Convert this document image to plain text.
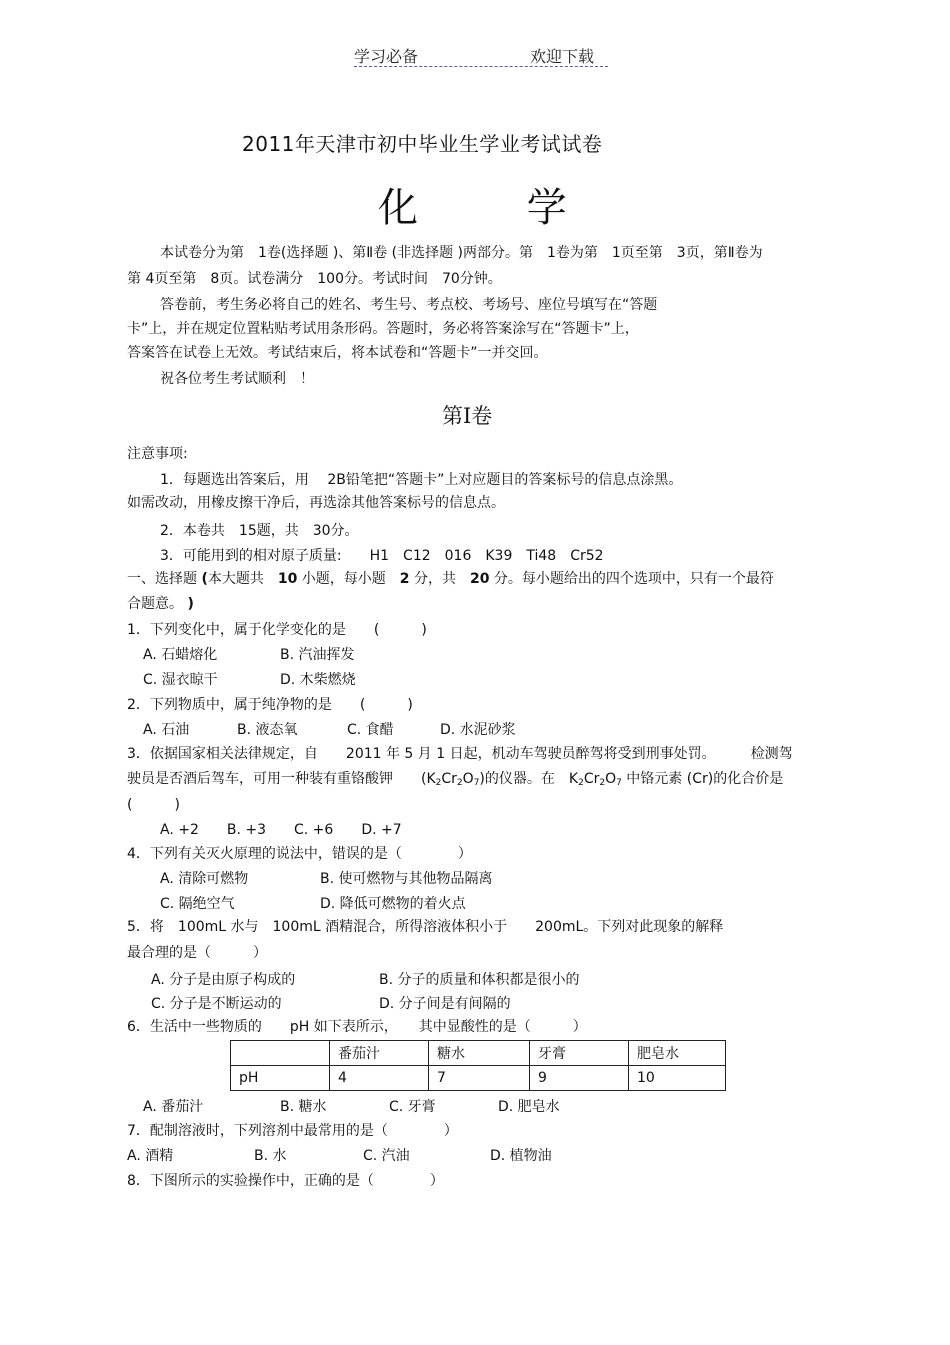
学习必备	欢迎下载
2011年天津市初中毕业生学业考试试卷
化 学
本试卷分为第　1卷(选择题 )、第Ⅱ卷 (非选择题 )两部分。第　1卷为第　1页至第　3页，第Ⅱ卷为
第 4页至第　8页。试卷满分　100分。考试时间　70分钟。
答卷前，考生务必将自己的姓名、考生号、考点校、考场号、座位号填写在“答题
卡”上，并在规定位置粘贴考试用条形码。答题时，务必将答案涂写在“答题卡”上，
答案答在试卷上无效。考试结束后，将本试卷和“答题卡”一并交回。
祝各位考生考试顺利　！
第Ⅰ卷
注意事项:
1．每题选出答案后，用　 2B铅笔把“答题卡”上对应题目的答案标号的信息点涂黑。
如需改动，用橡皮擦干净后，再选涂其他答案标号的信息点。
2．本卷共　15题，共　30分。
3．可能用到的相对原子质量:　　H1　C12　016　K39　Ti48　Cr52
一、选择题 (本大题共　10 小题，每小题　2 分，共　20 分。每小题给出的四个选项中，只有一个最符
合题意。 )
1．下列变化中，属于化学变化的是　　(　　　)
A. 石蜡熔化	B. 汽油挥发
C. 湿衣晾干	D. 木柴燃烧
2．下列物质中，属于纯净物的是　　(　　　)
A. 石油	B. 液态氧	C. 食醋	D. 水泥砂浆
3．依据国家相关法律规定，自　　2011 年 5 月 1 日起，机动车驾驶员醉驾将受到刑事处罚。　　　检测驾
驶员是否酒后驾车，可用一种装有重铬酸钾　　$(K_2Cr_2O_7)$的仪器。在　$K_2Cr_2O_7$ 中铬元素 (Cr)的化合价是
(　　　)
A. +2　　B. +3　　C. +6　　D. +7
4．下列有关灭火原理的说法中，错误的是（　　　　）
A. 清除可燃物	B. 使可燃物与其他物品隔离
C. 隔绝空气	D. 降低可燃物的着火点
5．将　100mL 水与　100mL 酒精混合，所得溶液体积小于　　200mL。下列对此现象的解释
最合理的是（　　　）
A. 分子是由原子构成的	B. 分子的质量和体积都是很小的
C. 分子是不断运动的	D. 分子间是有间隔的
6．生活中一些物质的　　pH 如下表所示，　　其中显酸性的是（　　　）
	番茄汁	糖水	牙膏	肥皂水
pH	4	7	9	10
A. 番茄汁	B. 糖水	C. 牙膏	D. 肥皂水
7．配制溶液时，下列溶剂中最常用的是（　　　　）
A. 酒精	B. 水	C. 汽油	D. 植物油
8．下图所示的实验操作中，正确的是（　　　　）
